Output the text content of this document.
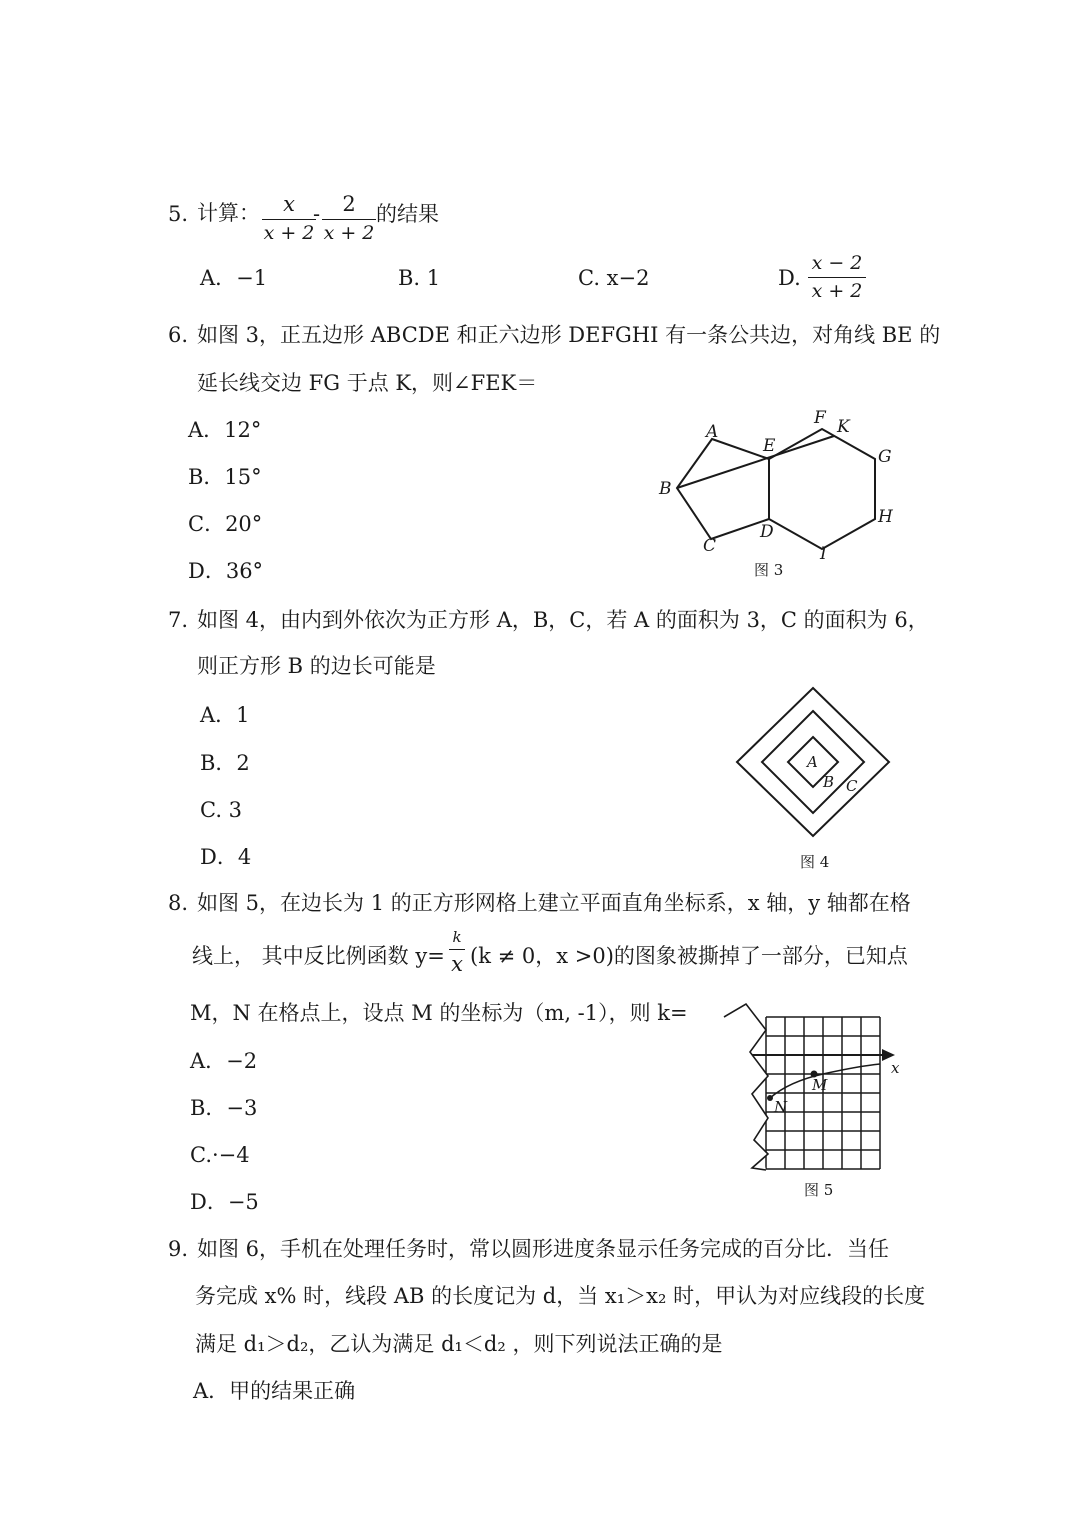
5. 计算：	x
x + 2
-	2
x + 2
的结果
A．−1	B. 1	C. x−2	D.
x − 2
x + 2
6. 如图 3，正五边形 ABCDE 和正六边形 DEFGHI 有一条公共边，对角线 BE 的
延长线交边 FG 于点 K，则∠FEK＝
A．12°
B．15°
C．20°
D．36°
A
B
C
D
E
F K
G
H
I
图 3
7. 如图 4，由内到外依次为正方形 A，B，C，若 A 的面积为 3，C 的面积为 6，
则正方形 B 的边长可能是
A．1
B．2
C. 3
D．4
A
B C
图 4
8. 如图 5，在边长为 1 的正方形网格上建立平面直角坐标系，x 轴，y 轴都在格
线上， 其中反比例函数 y=
k
x (k ≠ 0，x >0)的图象被撕掉了一部分，已知点
M，N 在格点上，设点 M 的坐标为（m, -1），则 k=
A．−2
B．−3
C.·−4
D．−5
x
M
N
图 5
9. 如图 6，手机在处理任务时，常以圆形进度条显示任务完成的百分比．当任
务完成 x% 时，线段 AB 的长度记为 d，当 x₁＞x₂ 时，甲认为对应线段的长度
满足 d₁＞d₂，乙认为满足 d₁＜d₂ ，则下列说法正确的是
A．甲的结果正确
